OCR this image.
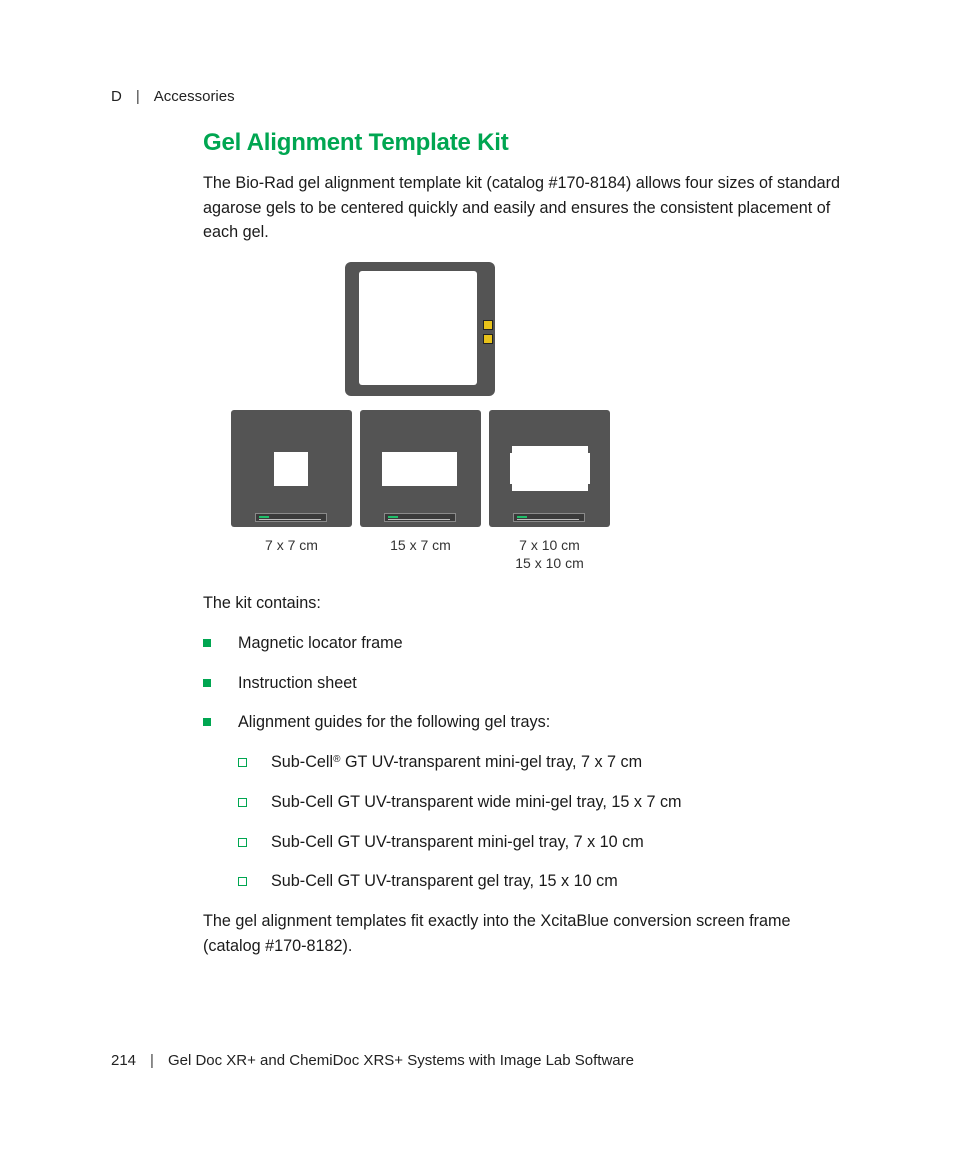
D | Accessories
Gel Alignment Template Kit

The Bio-Rad gel alignment template kit (catalog #170-8184) allows four sizes of standard agarose gels to be centered quickly and easily and ensures the consistent placement of each gel.

7 x 7 cm	15 x 7 cm	7 x 10 cm
15 x 10 cm

The kit contains:

Magnetic locator frame
Instruction sheet
Alignment guides for the following gel trays:
Sub-Cell® GT UV-transparent mini-gel tray, 7 x 7 cm
Sub-Cell GT UV-transparent wide mini-gel tray, 15 x 7 cm
Sub-Cell GT UV-transparent mini-gel tray, 7 x 10 cm
Sub-Cell GT UV-transparent gel tray, 15 x 10 cm

The gel alignment templates fit exactly into the XcitaBlue conversion screen frame (catalog #170-8182).

214 | Gel Doc XR+ and ChemiDoc XRS+ Systems with Image Lab Software
